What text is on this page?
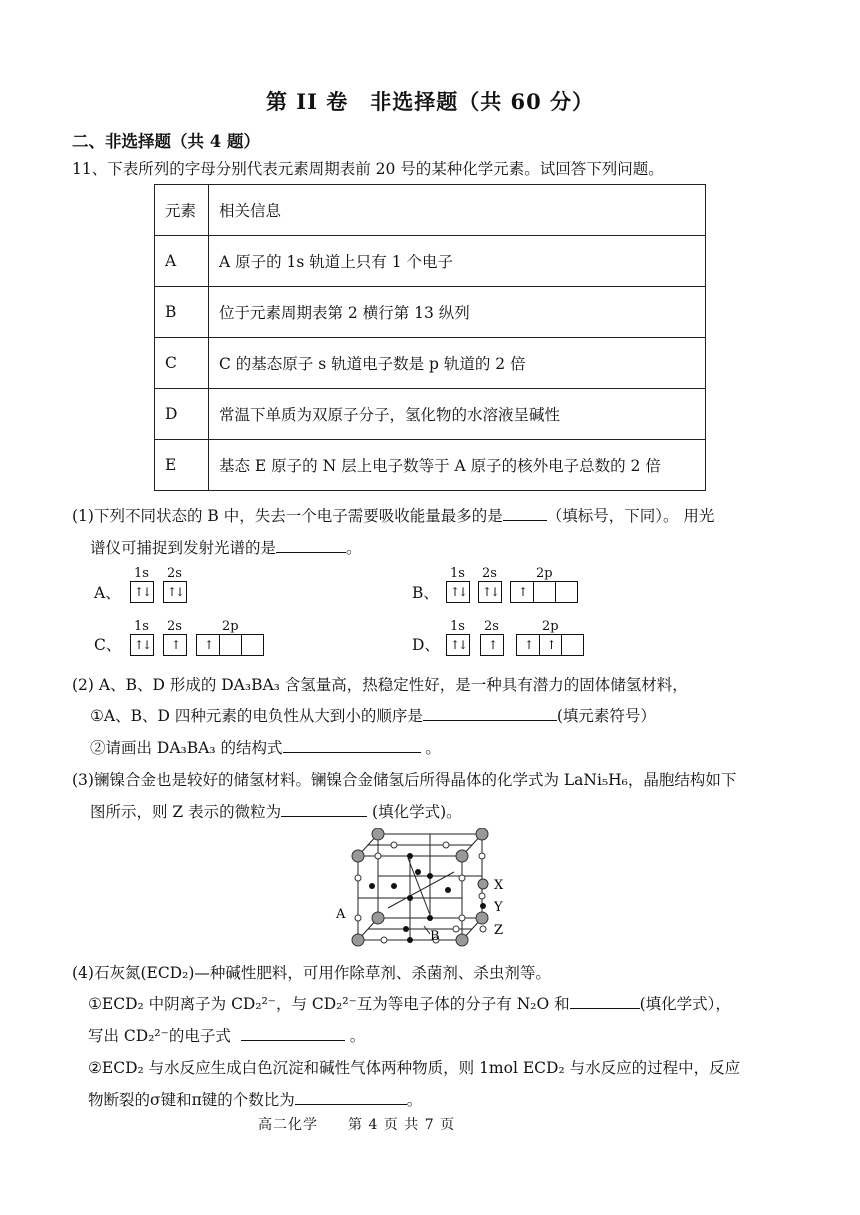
第 II 卷　非选择题（共 60 分）
二、非选择题（共 4 题）
11、下表所列的字母分别代表元素周期表前 20 号的某种化学元素。试回答下列问题。
元素	相关信息
A	A 原子的 1s 轨道上只有 1 个电子
B	位于元素周期表第 2 横行第 13 纵列
C	C 的基态原子 s 轨道电子数是 p 轨道的 2 倍
D	常温下单质为双原子分子，氢化物的水溶液呈碱性
E	基态 E 原子的 N 层上电子数等于 A 原子的核外电子总数的 2 倍
(1)下列不同状态的 B 中，失去一个电子需要吸收能量最多的是	（填标号，下同）。 用光
谱仪可捕捉到发射光谱的是	。
A、
1s
↑↓
2s
↑↓	B、
1s
↑↓
2s
↑↓
2p
↑
C、
1s
↑↓
2s
↑
2p
↑	D、
1s
↑↓
2s
↑
2p
↑	↑
(2) A、B、D 形成的 DA₃BA₃ 含氢量高，热稳定性好，是一种具有潜力的固体储氢材料，
①A、B、D 四种元素的电负性从大到小的顺序是	(填元素符号）
②请画出 DA₃BA₃ 的结构式	。
(3)镧镍合金也是较好的储氢材料。镧镍合金储氢后所得晶体的化学式为 LaNi₅H₆，晶胞结构如下
图所示，则 Z 表示的微粒为	(填化学式)。
A
B
X
Y
Z
(4)石灰氮(ECD₂)—种碱性肥料，可用作除草剂、杀菌剂、杀虫剂等。
①ECD₂ 中阴离子为 CD₂²⁻，与 CD₂²⁻互为等电子体的分子有 N₂O 和	(填化学式），
写出 CD₂²⁻的电子式	。
②ECD₂ 与水反应生成白色沉淀和碱性气体两种物质，则 1mol ECD₂ 与水反应的过程中，反应
物断裂的σ键和π键的个数比为	。
高二化学　　第 4 页 共 7 页
